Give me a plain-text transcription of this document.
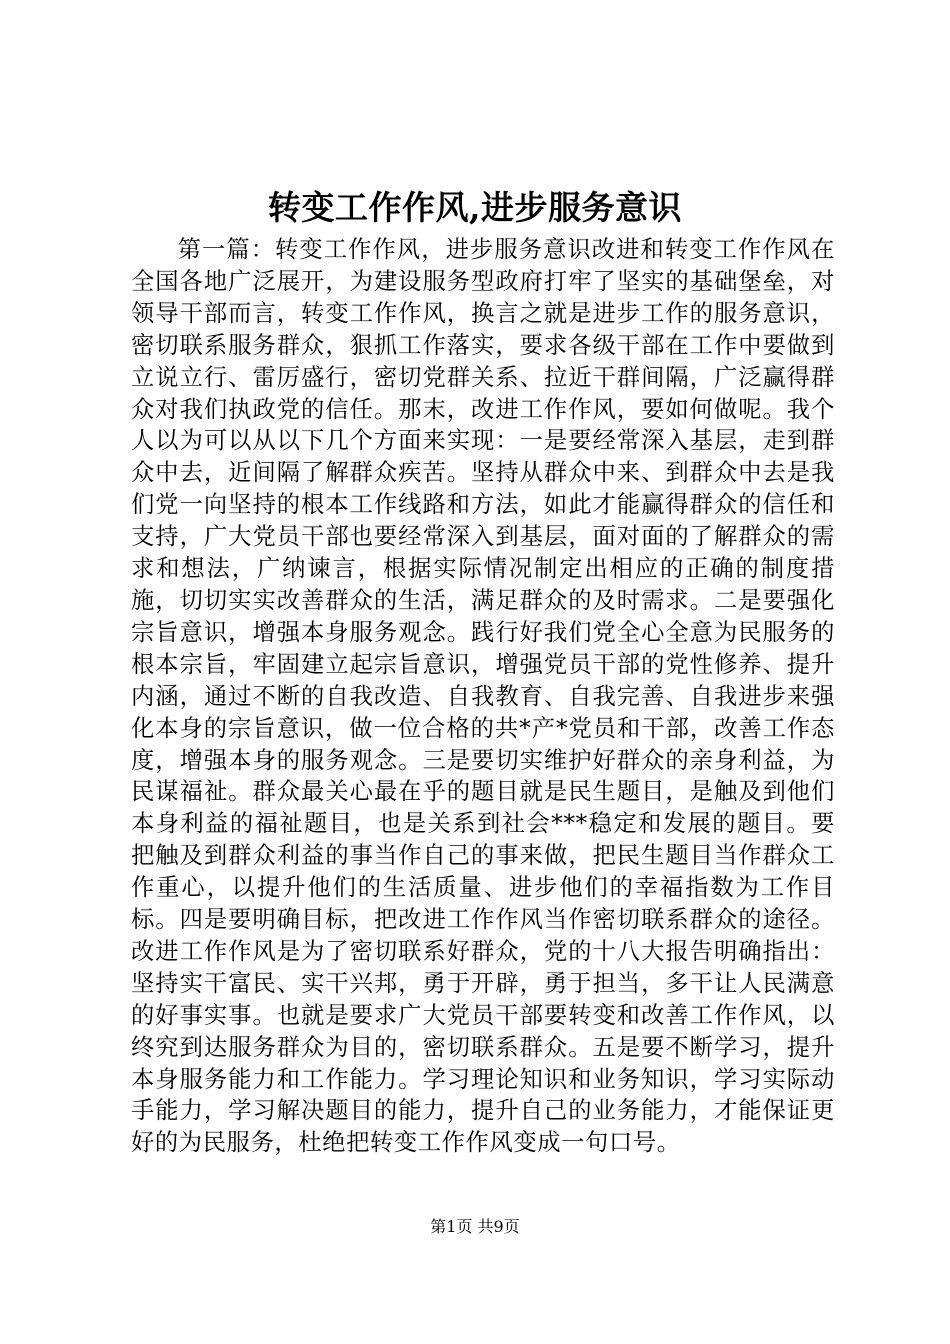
转变工作作风,进步服务意识

第一篇：转变工作作风，进步服务意识改进和转变工作作风在全国各地广泛展开，为建设服务型政府打牢了坚实的基础堡垒，对领导干部而言，转变工作作风，换言之就是进步工作的服务意识，密切联系服务群众，狠抓工作落实，要求各级干部在工作中要做到立说立行、雷厉盛行，密切党群关系、拉近干群间隔，广泛赢得群众对我们执政党的信任。那末，改进工作作风，要如何做呢。我个人以为可以从以下几个方面来实现：一是要经常深入基层，走到群众中去，近间隔了解群众疾苦。坚持从群众中来、到群众中去是我们党一向坚持的根本工作线路和方法，如此才能赢得群众的信任和支持，广大党员干部也要经常深入到基层，面对面的了解群众的需求和想法，广纳谏言，根据实际情况制定出相应的正确的制度措施，切切实实改善群众的生活，满足群众的及时需求。二是要强化宗旨意识，增强本身服务观念。践行好我们党全心全意为民服务的根本宗旨，牢固建立起宗旨意识，增强党员干部的党性修养、提升内涵，通过不断的自我改造、自我教育、自我完善、自我进步来强化本身的宗旨意识，做一位合格的共*产*党员和干部，改善工作态度，增强本身的服务观念。三是要切实维护好群众的亲身利益，为民谋福祉。群众最关心最在乎的题目就是民生题目，是触及到他们本身利益的福祉题目，也是关系到社会***稳定和发展的题目。要把触及到群众利益的事当作自己的事来做，把民生题目当作群众工作重心，以提升他们的生活质量、进步他们的幸福指数为工作目标。四是要明确目标，把改进工作作风当作密切联系群众的途径。改进工作作风是为了密切联系好群众，党的十八大报告明确指出：坚持实干富民、实干兴邦，勇于开辟，勇于担当，多干让人民满意的好事实事。也就是要求广大党员干部要转变和改善工作作风，以终究到达服务群众为目的，密切联系群众。五是要不断学习，提升本身服务能力和工作能力。学习理论知识和业务知识，学习实际动手能力，学习解决题目的能力，提升自己的业务能力，才能保证更好的为民服务，杜绝把转变工作作风变成一句口号。

第1页 共9页
